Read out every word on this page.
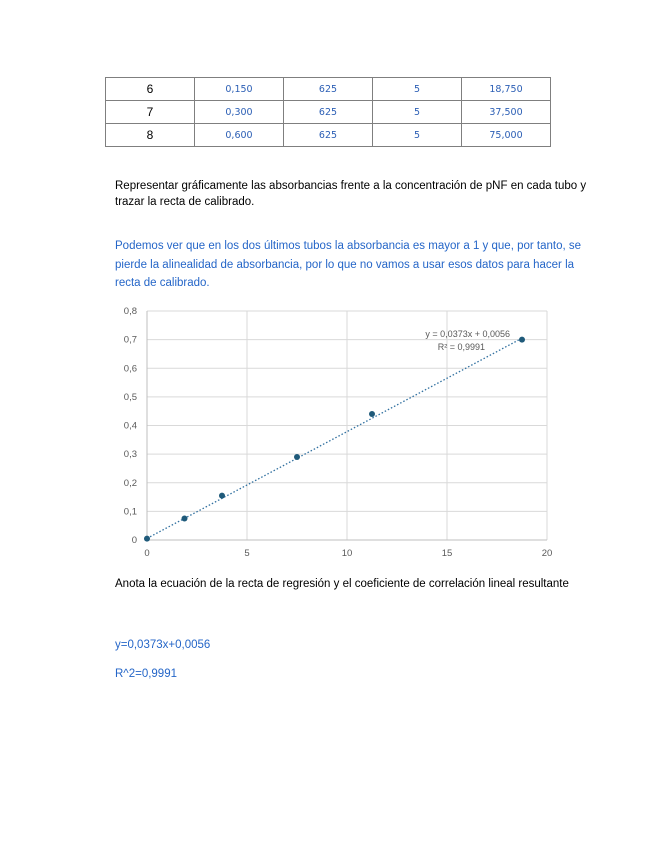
6	0,150	625	5	18,750
7	0,300	625	5	37,500
8	0,600	625	5	75,000
Representar gráficamente las absorbancias frente a la concentración de pNF en cada tubo y trazar la recta de calibrado.
Podemos ver que en los dos últimos tubos la absorbancia es mayor a 1 y que, por tanto, se pierde la alinealidad de absorbancia, por lo que no vamos a usar esos datos para hacer la recta de calibrado.
0
0,1
0,2
0,3
0,4
0,5
0,6
0,7
0,8
0	5	10	15	20
y = 0,0373x + 0,0056
R² = 0,9991
Anota la ecuación de la recta de regresión y el coeficiente de correlación lineal resultante
y=0,0373x+0,0056
R^2=0,9991
